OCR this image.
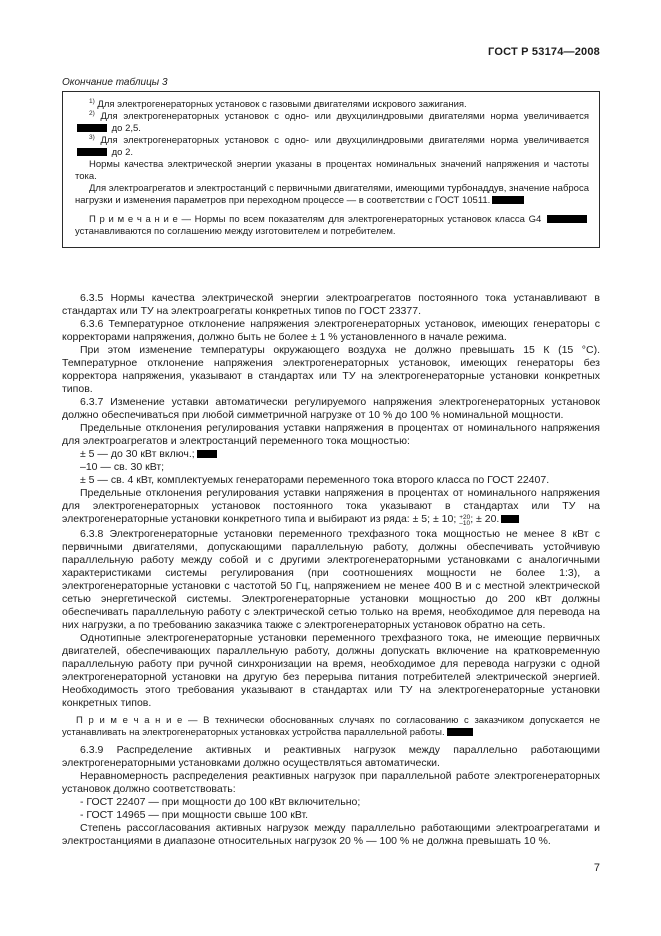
ГОСТ Р 53174—2008
Окончание таблицы 3

$^{1)}$ Для электрогенераторных установок с газовыми двигателями искрового зажигания.

$^{2)}$ Для электрогенераторных установок с одно- или двухцилиндровыми двигателями норма увеличивается до 2,5.

$^{3)}$ Для электрогенераторных установок с одно- или двухцилиндровыми двигателями норма увеличивается до 2.

Нормы качества электрической энергии указаны в процентах номинальных значений напряжения и частоты тока.

Для электроагрегатов и электростанций с первичными двигателями, имеющими турбонаддув, значение наброса нагрузки и изменения параметров при переходном процессе — в соответствии с ГОСТ 10511.

П р и м е ч а н и е — Нормы по всем показателям для электрогенераторных установок класса G4  устанавливаются по соглашению между изготовителем и потребителем.

6.3.5 Нормы качества электрической энергии электроагрегатов постоянного тока устанавливают в стандартах или ТУ на электроагрегаты конкретных типов по ГОСТ 23377.

6.3.6 Температурное отклонение напряжения электрогенераторных установок, имеющих генераторы с корректорами напряжения, должно быть не более ± 1 % установленного в начале режима.

При этом изменение температуры окружающего воздуха не должно превышать 15 К (15 °С). Температурное отклонение напряжения электрогенераторных установок, имеющих генераторы без корректора напряжения, указывают в стандартах или ТУ на электрогенераторные установки конкретных типов.

6.3.7 Изменение уставки автоматически регулируемого напряжения электрогенераторных установок должно обеспечиваться при любой симметричной нагрузке от 10 % до 100 % номинальной мощности.

Предельные отклонения регулирования уставки напряжения в процентах от номинального напряжения для электроагрегатов и электростанций переменного тока мощностью:

± 5 — до 30 кВт включ.;

–10 — св. 30 кВт;

± 5 — св. 4 кВт, комплектуемых генераторами переменного тока второго класса по ГОСТ 22407.

Предельные отклонения регулирования уставки напряжения в процентах от номинального напряжения для электрогенераторных установок постоянного тока указывают в стандартах или ТУ на электрогенераторные установки конкретного типа и выбирают из ряда: ± 5; ± 10; +20
–10 ; ± 20.

6.3.8 Электрогенераторные установки переменного трехфазного тока мощностью не менее 8 кВт с первичными двигателями, допускающими параллельную работу, должны обеспечивать устойчивую параллельную работу между собой и с другими электрогенераторными установками с аналогичными характеристиками системы регулирования (при соотношениях мощности не более 1:3), а электрогенераторные установки с частотой 50 Гц, напряжением не менее 400 В и с местной электрической сетью энергетической системы. Электрогенераторные установки мощностью до 200 кВт должны обеспечивать параллельную работу с электрической сетью только на время, необходимое для перевода на них нагрузки, а по требованию заказчика также с электрогенераторных установок обратно на сеть.

Однотипные электрогенераторные установки переменного трехфазного тока, не имеющие первичных двигателей, обеспечивающих параллельную работу, должны допускать включение на кратковременную параллельную работу при ручной синхронизации на время, необходимое для перевода нагрузки с одной электрогенераторной установки на другую без перерыва питания потребителей электрической энергией. Необходимость этого требования указывают в стандартах или ТУ на электрогенераторные установки конкретных типов.

П р и м е ч а н и е — В технически обоснованных случаях по согласованию с заказчиком допускается не устанавливать на электрогенераторных установках устройства параллельной работы.

6.3.9 Распределение активных и реактивных нагрузок между параллельно работающими электрогенераторными установками должно осуществляться автоматически.

Неравномерность распределения реактивных нагрузок при параллельной работе электрогенераторных установок должно соответствовать:

- ГОСТ 22407 — при мощности до 100 кВт включительно;

- ГОСТ 14965 — при мощности свыше 100 кВт.

Степень рассогласования активных нагрузок между параллельно работающими электроагрегатами и электростанциями в диапазоне относительных нагрузок 20 % — 100 % не должна превышать 10 %.

7
